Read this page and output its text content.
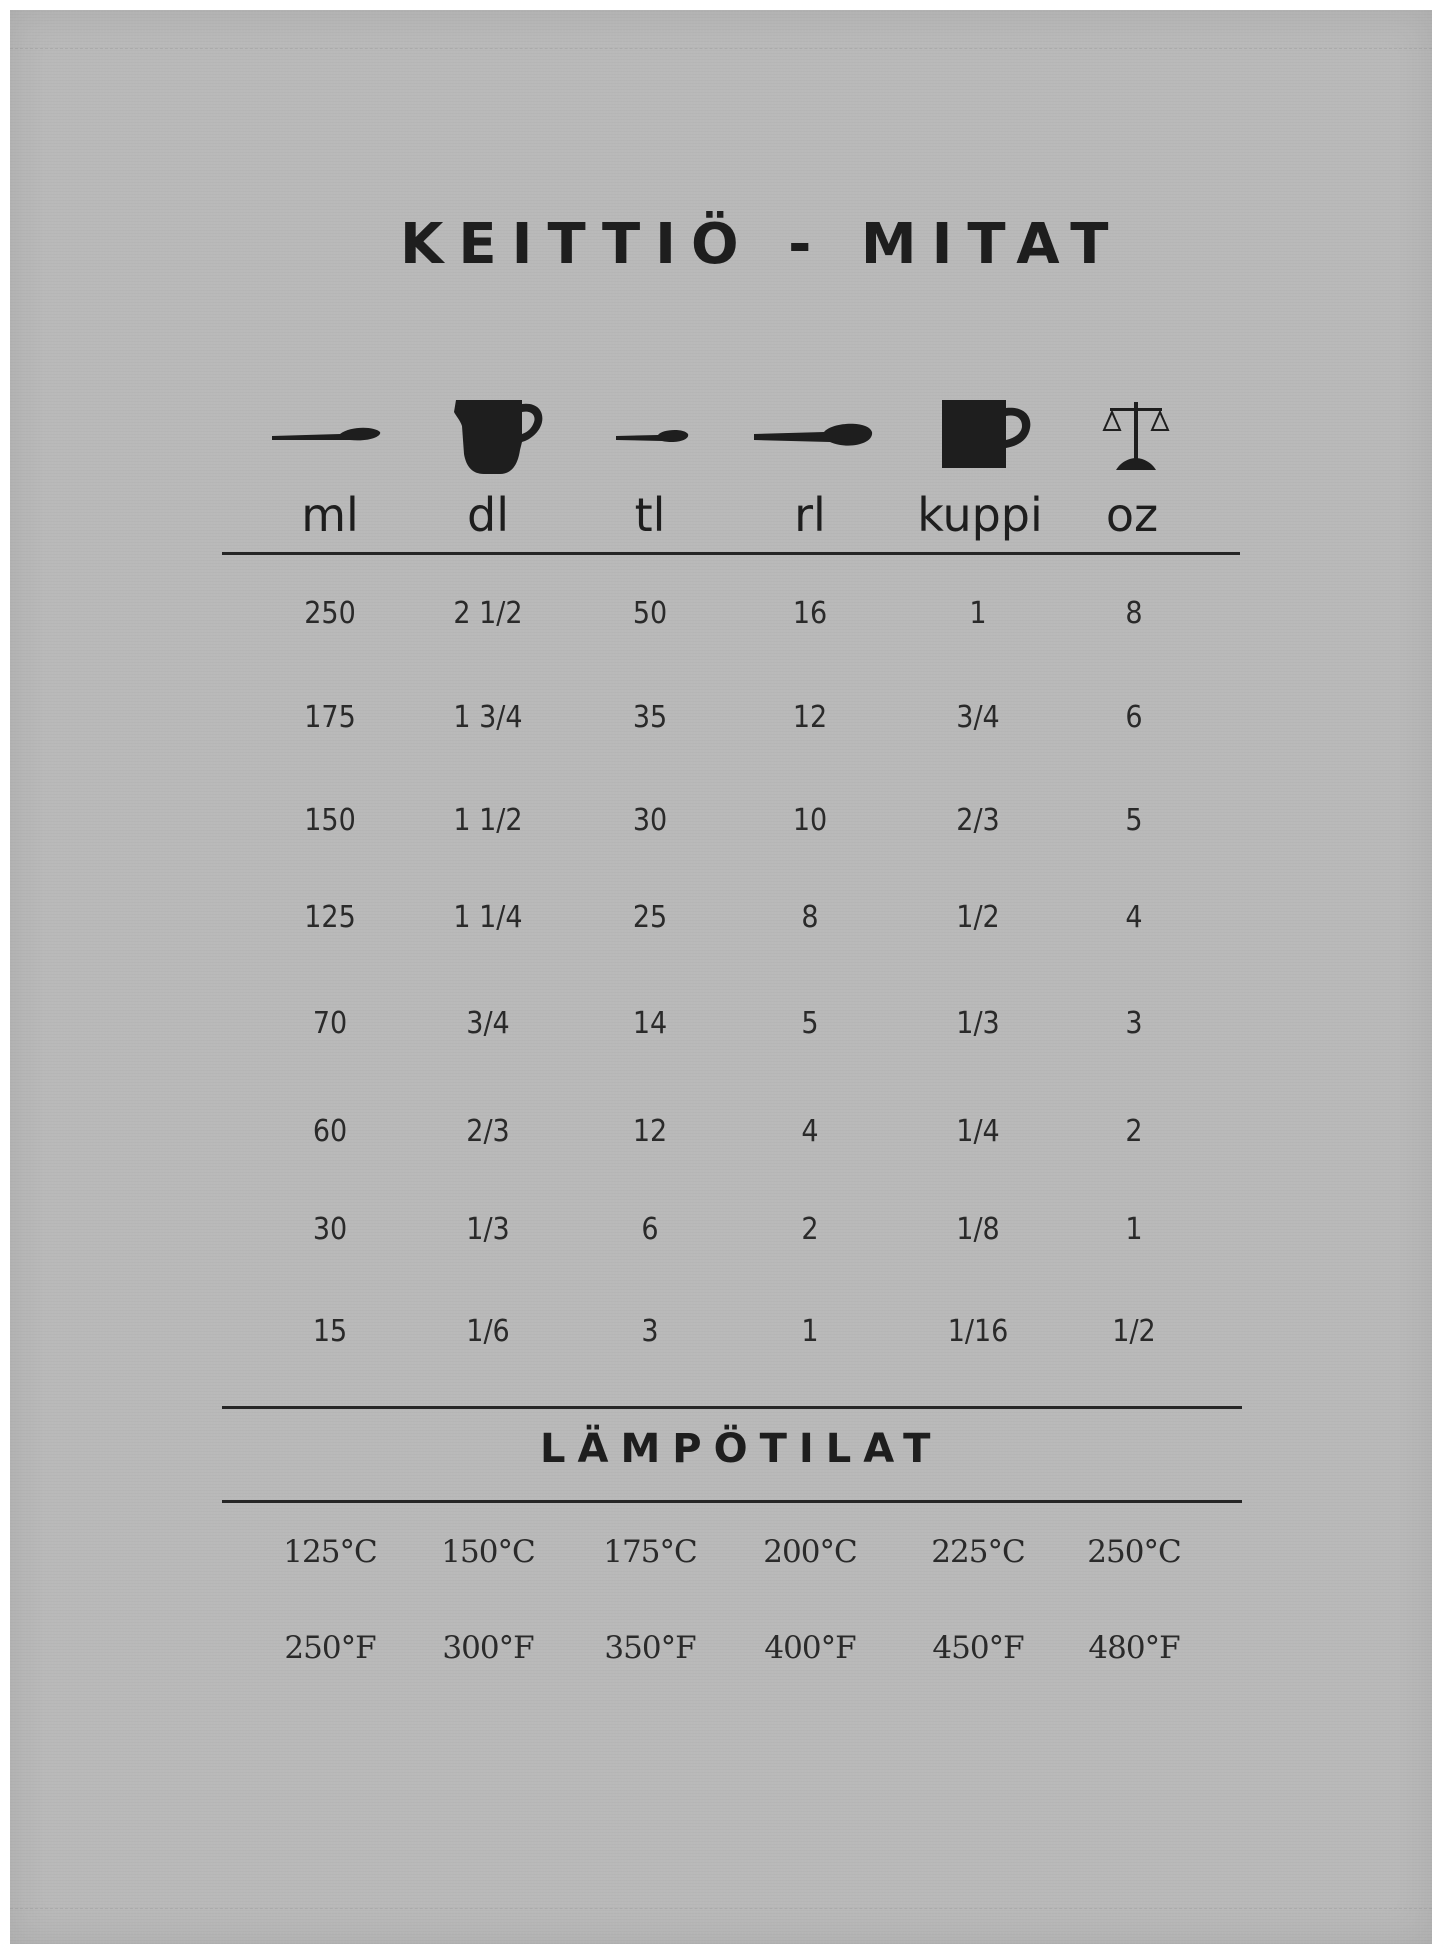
KEITTIÖ - MITAT
ml	dl	tl	rl	kuppi	oz
250	2 1/2	50	16	1	8
175	1 3/4	35	12	3/4	6
150	1 1/2	30	10	2/3	5
125	1 1/4	25	8	1/2	4
70	3/4	14	5	1/3	3
60	2/3	12	4	1/4	2
30	1/3	6	2	1/8	1
15	1/6	3	1	1/16	1/2
LÄMPÖTILAT
125°C	150°C	175°C	200°C	225°C	250°C
250°F	300°F	350°F	400°F	450°F	480°F
